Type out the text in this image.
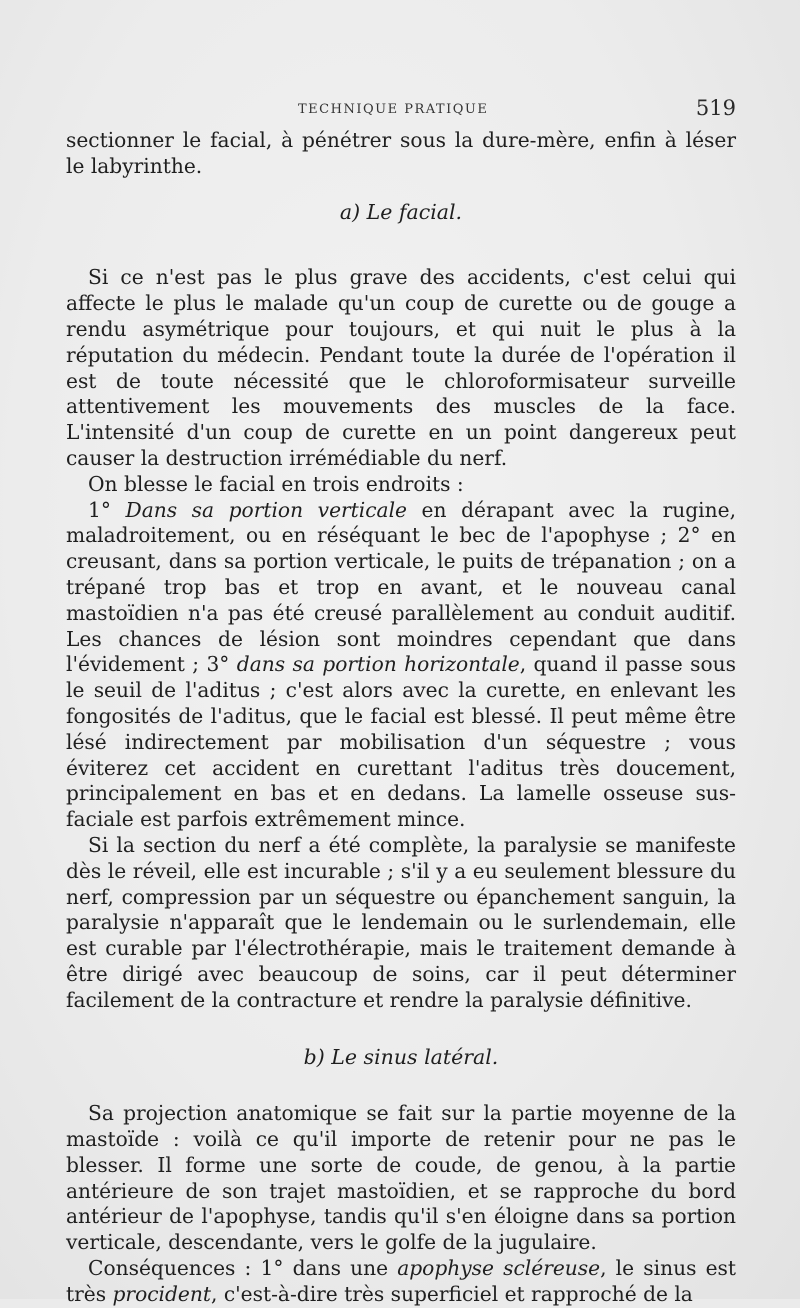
TECHNIQUE PRATIQUE	519

sectionner le facial, à pénétrer sous la dure-mère, enfin à léser le labyrinthe.

a) Le facial.

Si ce n'est pas le plus grave des accidents, c'est celui qui affecte le plus le malade qu'un coup de curette ou de gouge a rendu asymétrique pour toujours, et qui nuit le plus à la réputation du médecin. Pendant toute la durée de l'opération il est de toute nécessité que le chloroformisateur surveille attentivement les mouvements des muscles de la face. L'intensité d'un coup de curette en un point dangereux peut causer la destruction irrémédiable du nerf.

On blesse le facial en trois endroits :

1° Dans sa portion verticale en dérapant avec la rugine, maladroitement, ou en réséquant le bec de l'apophyse ; 2° en creusant, dans sa portion verticale, le puits de trépanation ; on a trépané trop bas et trop en avant, et le nouveau canal mastoïdien n'a pas été creusé parallèlement au conduit auditif. Les chances de lésion sont moindres cependant que dans l'évidement ; 3° dans sa portion horizontale, quand il passe sous le seuil de l'aditus ; c'est alors avec la curette, en enlevant les fongosités de l'aditus, que le facial est blessé. Il peut même être lésé indirectement par mobilisation d'un séquestre ; vous éviterez cet accident en curettant l'aditus très doucement, principalement en bas et en dedans. La lamelle osseuse sus-faciale est parfois extrêmement mince.

Si la section du nerf a été complète, la paralysie se manifeste dès le réveil, elle est incurable ; s'il y a eu seulement blessure du nerf, compression par un séquestre ou épanchement sanguin, la paralysie n'apparaît que le lendemain ou le surlendemain, elle est curable par l'électrothérapie, mais le traitement demande à être dirigé avec beaucoup de soins, car il peut déterminer facilement de la contracture et rendre la paralysie définitive.

b) Le sinus latéral.

Sa projection anatomique se fait sur la partie moyenne de la mastoïde : voilà ce qu'il importe de retenir pour ne pas le blesser. Il forme une sorte de coude, de genou, à la partie antérieure de son trajet mastoïdien, et se rapproche du bord antérieur de l'apophyse, tandis qu'il s'en éloigne dans sa portion verticale, descendante, vers le golfe de la jugulaire.

Conséquences : 1° dans une apophyse scléreuse, le sinus est très procident, c'est-à-dire très superficiel et rapproché de la
